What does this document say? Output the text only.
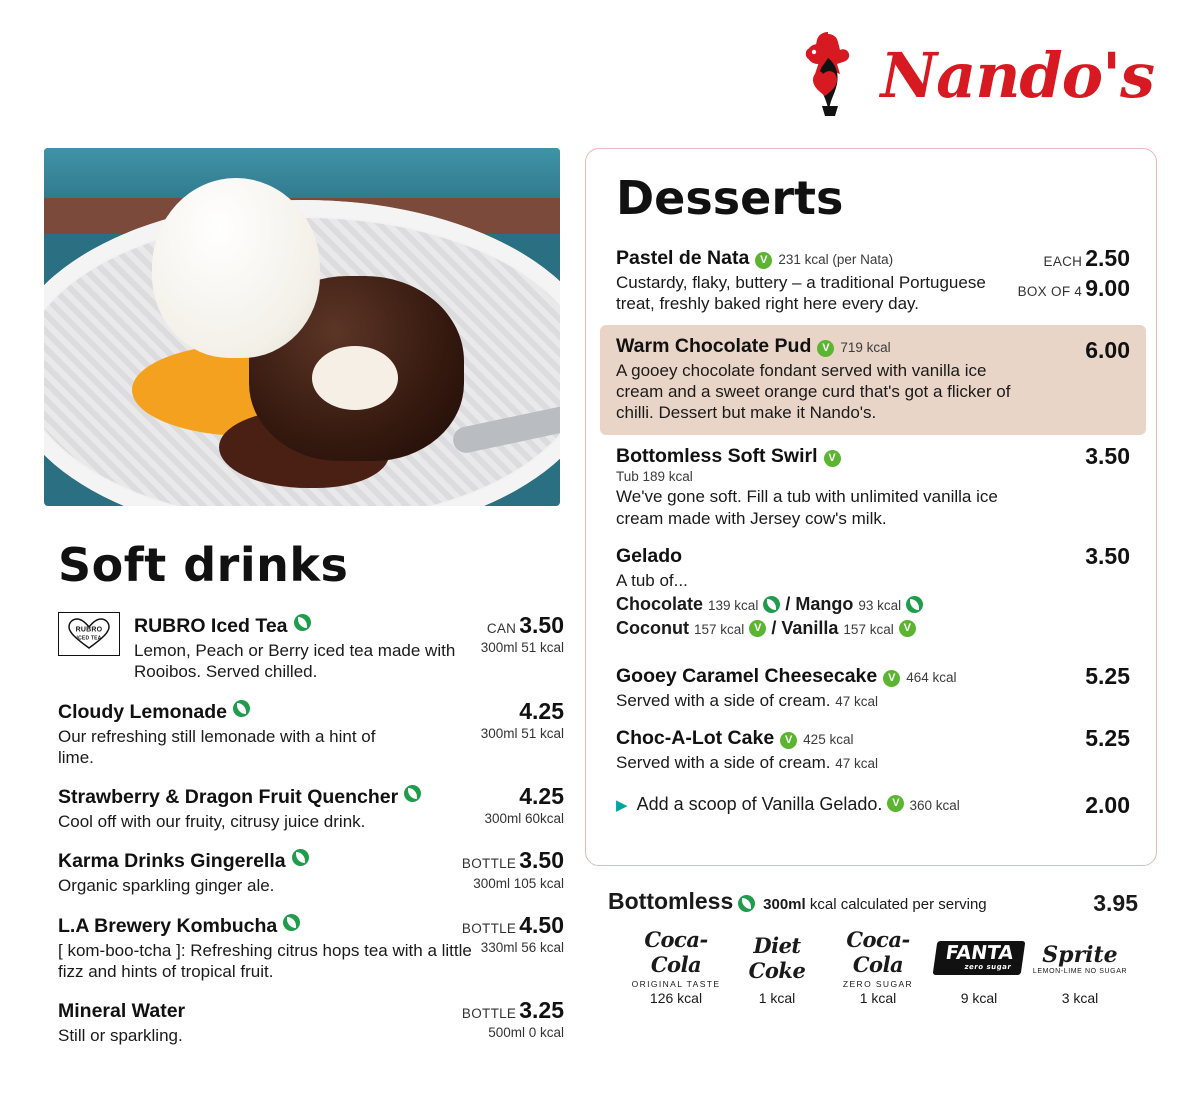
Nando's
Soft drinks
RUBRO
ICED TEA
CAN 3.50
300ml 51 kcal
RUBRO Iced Tea
Lemon, Peach or Berry iced tea made with Rooibos. Served chilled.
4.25
300ml 51 kcal
Cloudy Lemonade
Our refreshing still lemonade with a hint of lime.
4.25
300ml 60kcal
Strawberry & Dragon Fruit Quencher
Cool off with our fruity, citrusy juice drink.
BOTTLE 3.50
300ml 105 kcal
Karma Drinks Gingerella
Organic sparkling ginger ale.
BOTTLE 4.50
330ml 56 kcal
L.A Brewery Kombucha
[ kom-boo-tcha ]: Refreshing citrus hops tea with a little fizz and hints of tropical fruit.
BOTTLE 3.25
500ml 0 kcal
Mineral Water
Still or sparkling.
Desserts
EACH 2.50
BOX OF 4 9.00
Pastel de Nata V 231 kcal (per Nata)
Custardy, flaky, buttery – a traditional Portuguese treat, freshly baked right here every day.
6.00
Warm Chocolate Pud V 719 kcal
A gooey chocolate fondant served with vanilla ice cream and a sweet orange curd that's got a flicker of chilli. Dessert but make it Nando's.
3.50
Bottomless Soft Swirl V
Tub 189 kcal
We've gone soft. Fill a tub with unlimited vanilla ice cream made with Jersey cow's milk.
3.50
Gelado
A tub of...
Chocolate 139 kcal / Mango 93 kcal
Coconut 157 kcal V / Vanilla 157 kcal V
5.25
Gooey Caramel Cheesecake V 464 kcal
Served with a side of cream. 47 kcal
5.25
Choc-A-Lot Cake V 425 kcal
Served with a side of cream. 47 kcal
2.00
▶ Add a scoop of Vanilla Gelado. V 360 kcal
Bottomless 300ml kcal calculated per serving	3.95
Coca-Cola
ORIGINAL TASTE
126 kcal
Diet Coke
1 kcal
Coca-Cola
ZERO SUGAR
1 kcal
FANTA
zero sugar
9 kcal
Sprite
LEMON-LIME NO SUGAR
3 kcal
